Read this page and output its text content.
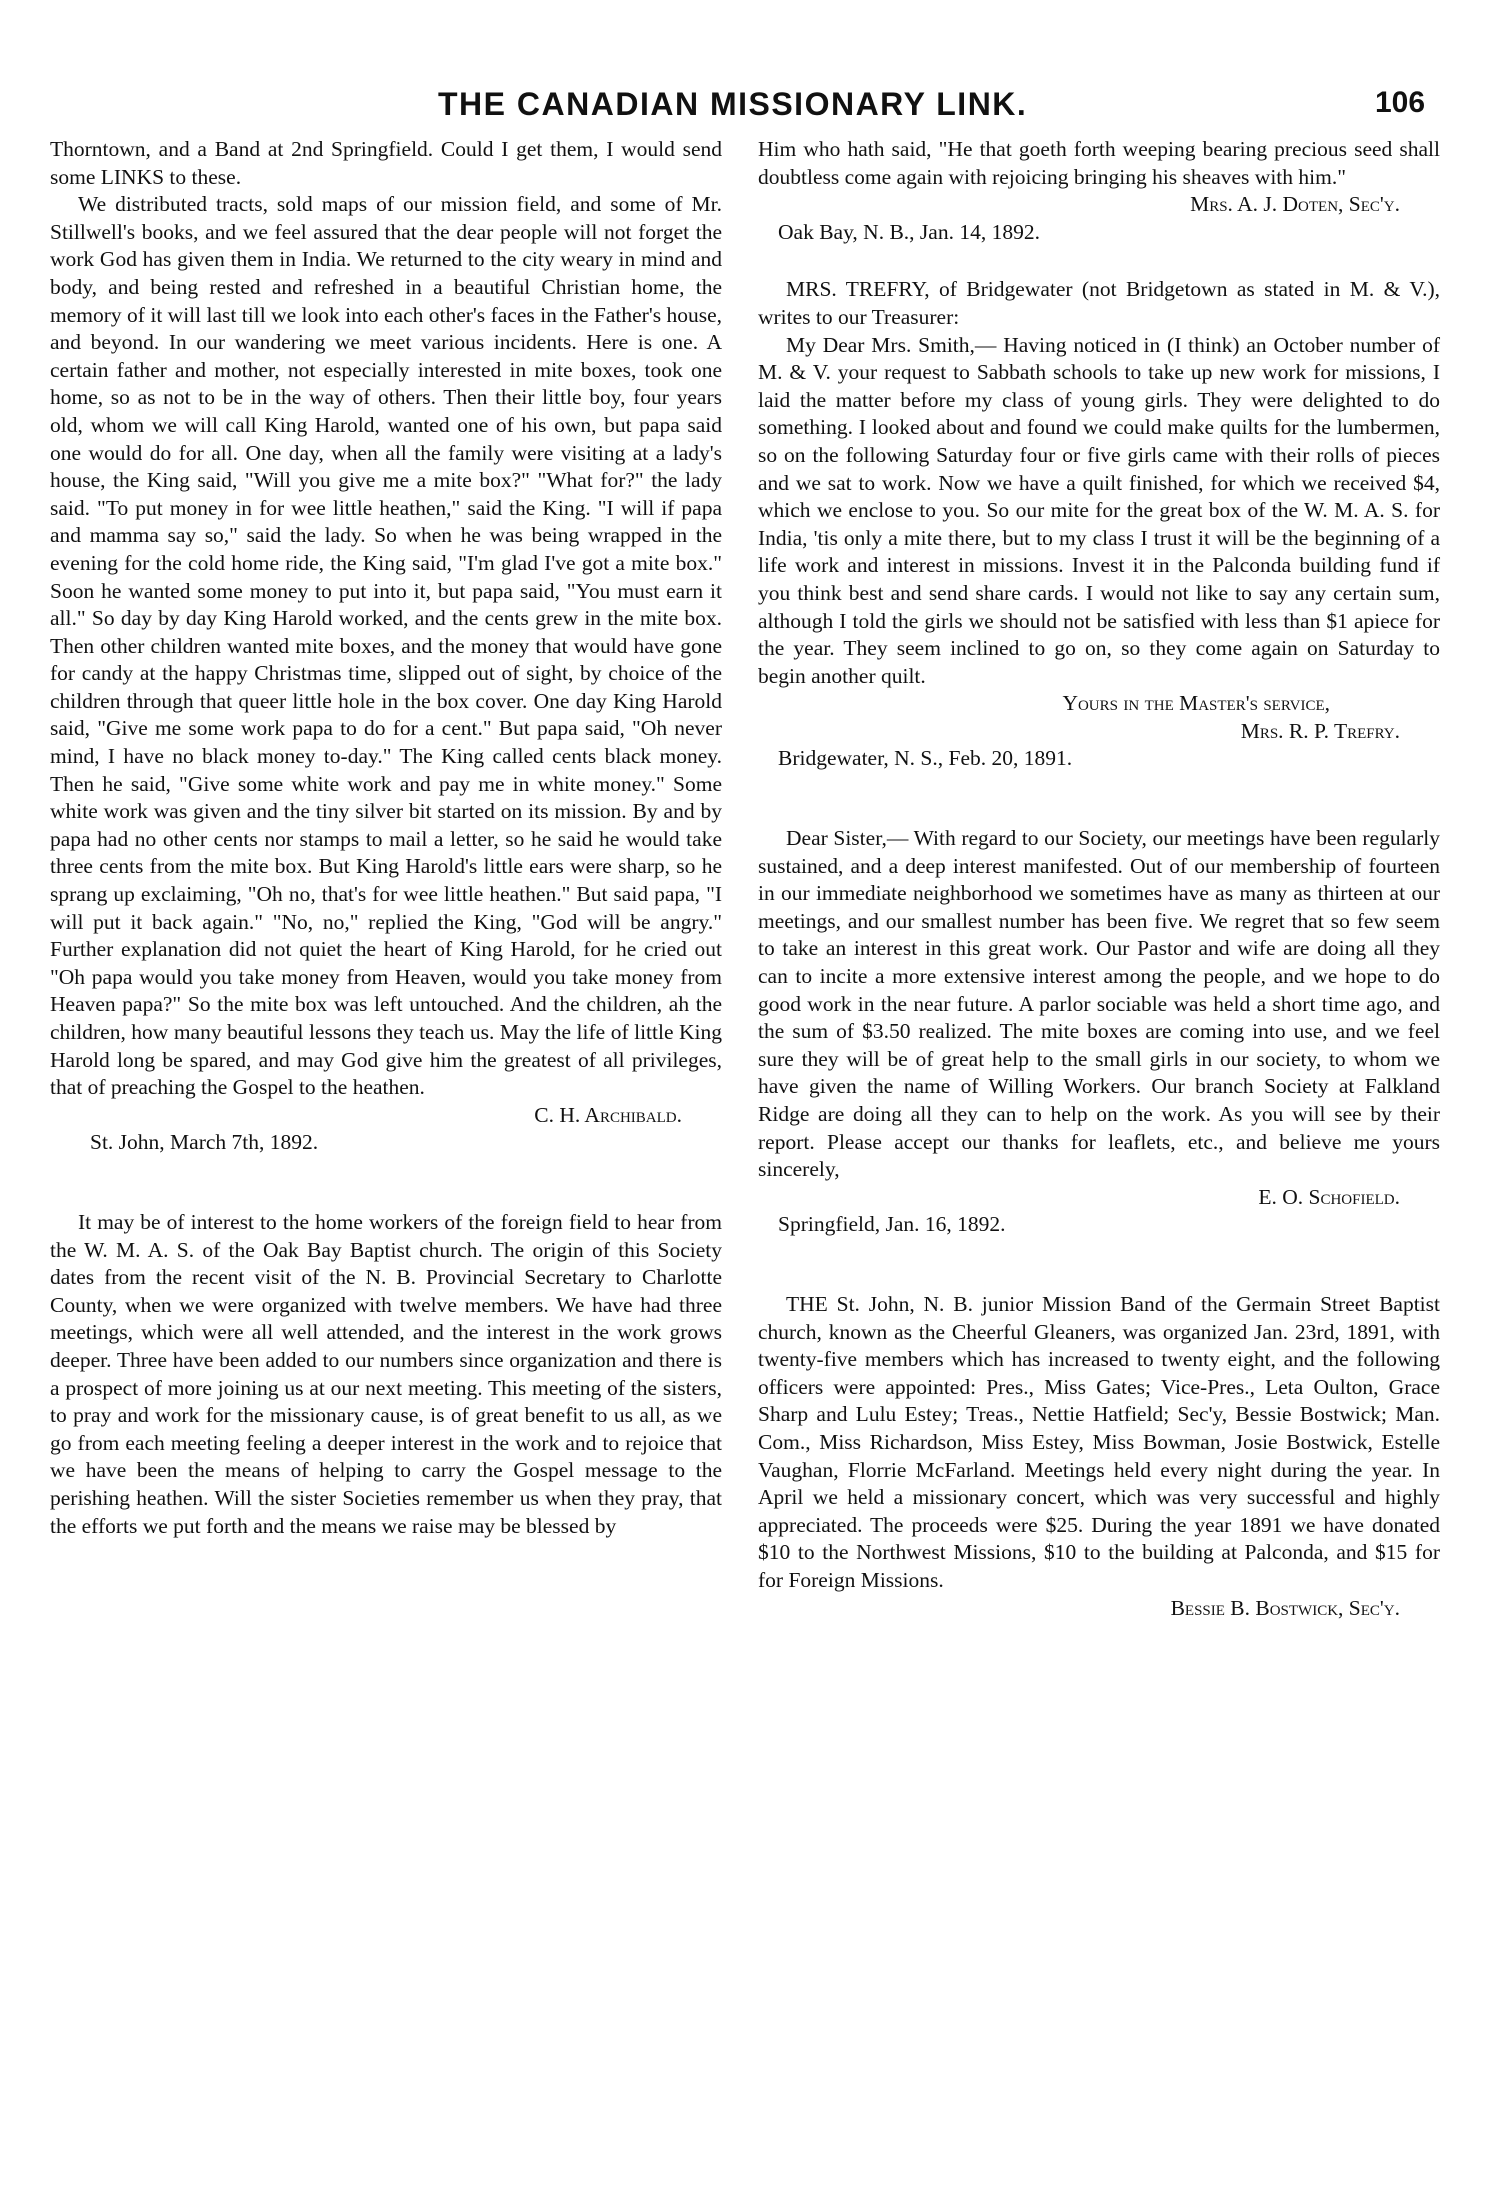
THE CANADIAN MISSIONARY LINK.	106

Thorntown, and a Band at 2nd Springfield. Could I get them, I would send some LINKS to these.

We distributed tracts, sold maps of our mission field, and some of Mr. Stillwell's books, and we feel assured that the dear people will not forget the work God has given them in India. We returned to the city weary in mind and body, and being rested and refreshed in a beautiful Christian home, the memory of it will last till we look into each other's faces in the Father's house, and beyond. In our wandering we meet various incidents. Here is one. A certain father and mother, not especially interested in mite boxes, took one home, so as not to be in the way of others. Then their little boy, four years old, whom we will call King Harold, wanted one of his own, but papa said one would do for all. One day, when all the family were visiting at a lady's house, the King said, "Will you give me a mite box?" "What for?" the lady said. "To put money in for wee little heathen," said the King. "I will if papa and mamma say so," said the lady. So when he was being wrapped in the evening for the cold home ride, the King said, "I'm glad I've got a mite box." Soon he wanted some money to put into it, but papa said, "You must earn it all." So day by day King Harold worked, and the cents grew in the mite box. Then other children wanted mite boxes, and the money that would have gone for candy at the happy Christmas time, slipped out of sight, by choice of the children through that queer little hole in the box cover. One day King Harold said, "Give me some work papa to do for a cent." But papa said, "Oh never mind, I have no black money to-day." The King called cents black money. Then he said, "Give some white work and pay me in white money." Some white work was given and the tiny silver bit started on its mission. By and by papa had no other cents nor stamps to mail a letter, so he said he would take three cents from the mite box. But King Harold's little ears were sharp, so he sprang up exclaiming, "Oh no, that's for wee little heathen." But said papa, "I will put it back again." "No, no," replied the King, "God will be angry." Further explanation did not quiet the heart of King Harold, for he cried out "Oh papa would you take money from Heaven, would you take money from Heaven papa?" So the mite box was left untouched. And the children, ah the children, how many beautiful lessons they teach us. May the life of little King Harold long be spared, and may God give him the greatest of all privileges, that of preaching the Gospel to the heathen.

C. H. Archibald.
St. John, March 7th, 1892.

It may be of interest to the home workers of the foreign field to hear from the W. M. A. S. of the Oak Bay Baptist church. The origin of this Society dates from the recent visit of the N. B. Provincial Secretary to Charlotte County, when we were organized with twelve members. We have had three meetings, which were all well attended, and the interest in the work grows deeper. Three have been added to our numbers since organization and there is a prospect of more joining us at our next meeting. This meeting of the sisters, to pray and work for the missionary cause, is of great benefit to us all, as we go from each meeting feeling a deeper interest in the work and to rejoice that we have been the means of helping to carry the Gospel message to the perishing heathen. Will the sister Societies remember us when they pray, that the efforts we put forth and the means we raise may be blessed by

Him who hath said, "He that goeth forth weeping bearing precious seed shall doubtless come again with rejoicing bringing his sheaves with him."

Mrs. A. J. Doten, Sec'y.
Oak Bay, N. B., Jan. 14, 1892.

MRS. TREFRY, of Bridgewater (not Bridgetown as stated in M. & V.), writes to our Treasurer:

My Dear Mrs. Smith,— Having noticed in (I think) an October number of M. & V. your request to Sabbath schools to take up new work for missions, I laid the matter before my class of young girls. They were delighted to do something. I looked about and found we could make quilts for the lumbermen, so on the following Saturday four or five girls came with their rolls of pieces and we sat to work. Now we have a quilt finished, for which we received $4, which we enclose to you. So our mite for the great box of the W. M. A. S. for India, 'tis only a mite there, but to my class I trust it will be the beginning of a life work and interest in missions. Invest it in the Palconda building fund if you think best and send share cards. I would not like to say any certain sum, although I told the girls we should not be satisfied with less than $1 apiece for the year. They seem inclined to go on, so they come again on Saturday to begin another quilt.

Yours in the Master's service,
Mrs. R. P. Trefry.
Bridgewater, N. S., Feb. 20, 1891.

Dear Sister,— With regard to our Society, our meetings have been regularly sustained, and a deep interest manifested. Out of our membership of fourteen in our immediate neighborhood we sometimes have as many as thirteen at our meetings, and our smallest number has been five. We regret that so few seem to take an interest in this great work. Our Pastor and wife are doing all they can to incite a more extensive interest among the people, and we hope to do good work in the near future. A parlor sociable was held a short time ago, and the sum of $3.50 realized. The mite boxes are coming into use, and we feel sure they will be of great help to the small girls in our society, to whom we have given the name of Willing Workers. Our branch Society at Falkland Ridge are doing all they can to help on the work. As you will see by their report. Please accept our thanks for leaflets, etc., and believe me yours sincerely,

E. O. Schofield.
Springfield, Jan. 16, 1892.

THE St. John, N. B. junior Mission Band of the Germain Street Baptist church, known as the Cheerful Gleaners, was organized Jan. 23rd, 1891, with twenty-five members which has increased to twenty eight, and the following officers were appointed: Pres., Miss Gates; Vice-Pres., Leta Oulton, Grace Sharp and Lulu Estey; Treas., Nettie Hatfield; Sec'y, Bessie Bostwick; Man. Com., Miss Richardson, Miss Estey, Miss Bowman, Josie Bostwick, Estelle Vaughan, Florrie McFarland. Meetings held every night during the year. In April we held a missionary concert, which was very successful and highly appreciated. The proceeds were $25. During the year 1891 we have donated $10 to the Northwest Missions, $10 to the building at Palconda, and $15 for for Foreign Missions.

Bessie B. Bostwick, Sec'y.
